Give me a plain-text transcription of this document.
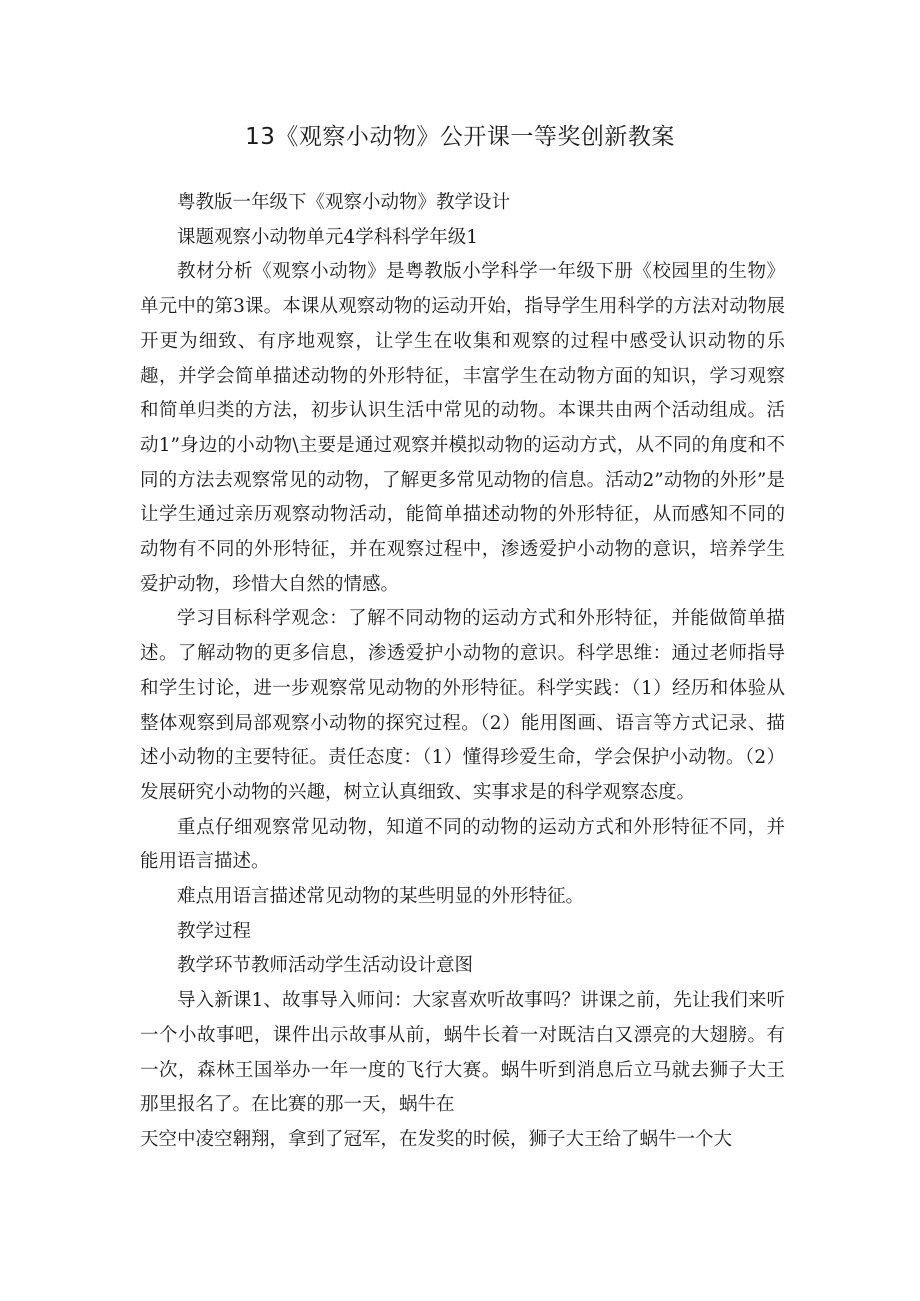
13《观察小动物》公开课一等奖创新教案

粤教版一年级下《观察小动物》教学设计

课题观察小动物单元4学科科学年级1

教材分析《观察小动物》是粤教版小学科学一年级下册《校园里的生物》单元中的第3课。本课从观察动物的运动开始，指导学生用科学的方法对动物展开更为细致、有序地观察，让学生在收集和观察的过程中感受认识动物的乐趣，并学会简单描述动物的外形特征，丰富学生在动物方面的知识，学习观察和简单归类的方法，初步认识生活中常见的动物。本课共由两个活动组成。活动1”身边的小动物\主要是通过观察并模拟动物的运动方式，从不同的角度和不同的方法去观察常见的动物，了解更多常见动物的信息。活动2”动物的外形”是让学生通过亲历观察动物活动，能简单描述动物的外形特征，从而感知不同的动物有不同的外形特征，并在观察过程中，渗透爱护小动物的意识，培养学生爱护动物，珍惜大自然的情感。

学习目标科学观念：了解不同动物的运动方式和外形特征，并能做简单描述。了解动物的更多信息，渗透爱护小动物的意识。科学思维：通过老师指导和学生讨论，进一步观察常见动物的外形特征。科学实践：（1）经历和体验从整体观察到局部观察小动物的探究过程。（2）能用图画、语言等方式记录、描述小动物的主要特征。责任态度：（1）懂得珍爱生命，学会保护小动物。（2）发展研究小动物的兴趣，树立认真细致、实事求是的科学观察态度。

重点仔细观察常见动物，知道不同的动物的运动方式和外形特征不同，并能用语言描述。

难点用语言描述常见动物的某些明显的外形特征。

教学过程

教学环节教师活动学生活动设计意图

导入新课1、故事导入师问：大家喜欢听故事吗？讲课之前，先让我们来听一个小故事吧，课件出示故事从前，蜗牛长着一对既洁白又漂亮的大翅膀。有一次，森林王国举办一年一度的飞行大赛。蜗牛听到消息后立马就去狮子大王那里报名了。在比赛的那一天，蜗牛在

天空中凌空翱翔，拿到了冠军，在发奖的时候，狮子大王给了蜗牛一个大
